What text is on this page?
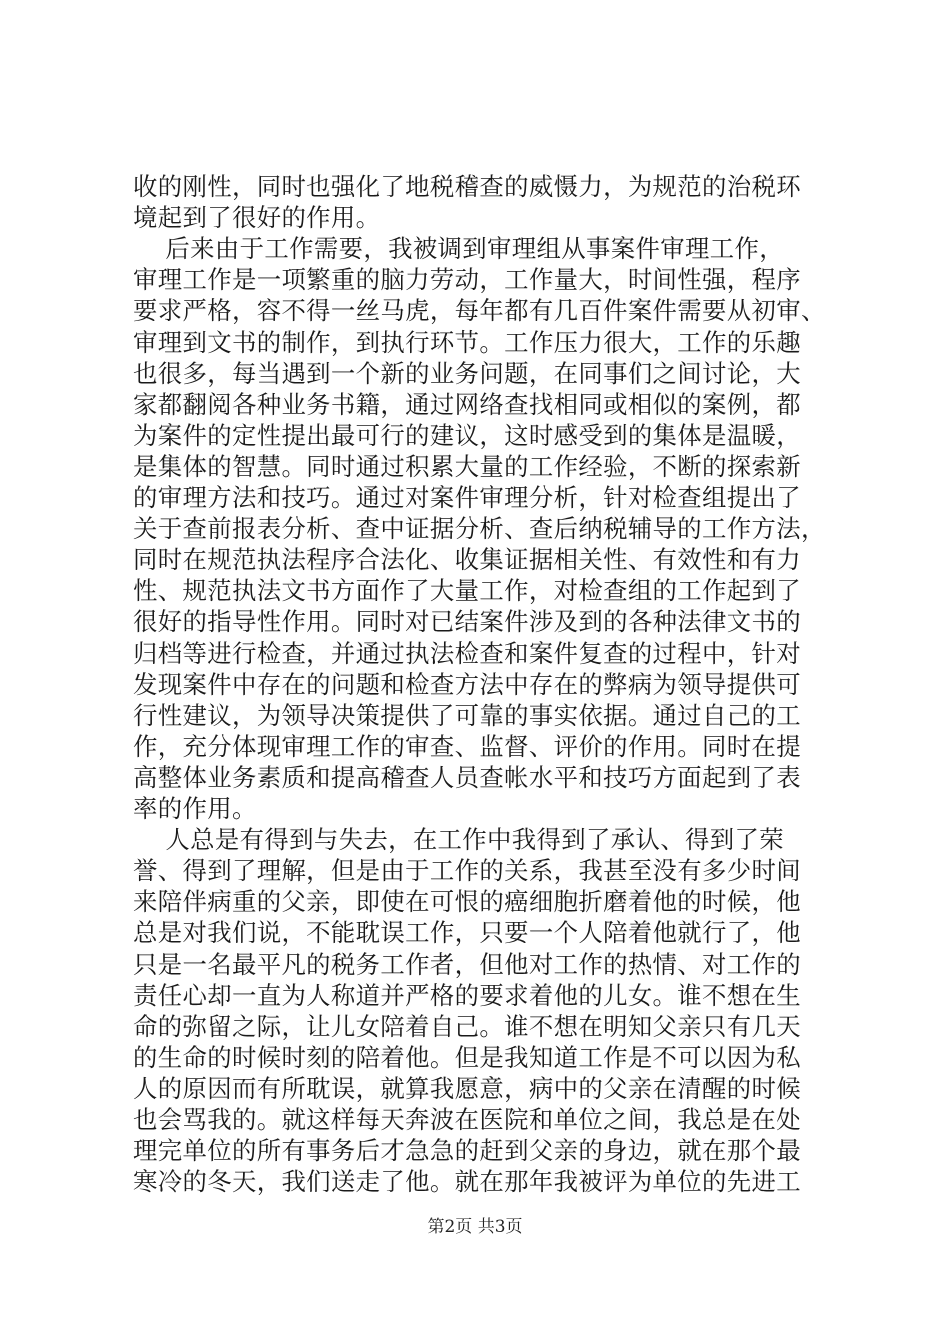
收的刚性，同时也强化了地税稽查的威慑力，为规范的治税环
境起到了很好的作用。
后来由于工作需要，我被调到审理组从事案件审理工作，
审理工作是一项繁重的脑力劳动，工作量大，时间性强，程序
要求严格，容不得一丝马虎，每年都有几百件案件需要从初审、
审理到文书的制作，到执行环节。工作压力很大，工作的乐趣
也很多，每当遇到一个新的业务问题，在同事们之间讨论，大
家都翻阅各种业务书籍，通过网络查找相同或相似的案例，都
为案件的定性提出最可行的建议，这时感受到的集体是温暖，
是集体的智慧。同时通过积累大量的工作经验，不断的探索新
的审理方法和技巧。通过对案件审理分析，针对检查组提出了
关于查前报表分析、查中证据分析、查后纳税辅导的工作方法，
同时在规范执法程序合法化、收集证据相关性、有效性和有力
性、规范执法文书方面作了大量工作，对检查组的工作起到了
很好的指导性作用。同时对已结案件涉及到的各种法律文书的
归档等进行检查，并通过执法检查和案件复查的过程中，针对
发现案件中存在的问题和检查方法中存在的弊病为领导提供可
行性建议，为领导决策提供了可靠的事实依据。通过自己的工
作，充分体现审理工作的审查、监督、评价的作用。同时在提
高整体业务素质和提高稽查人员查帐水平和技巧方面起到了表
率的作用。
人总是有得到与失去，在工作中我得到了承认、得到了荣
誉、得到了理解，但是由于工作的关系，我甚至没有多少时间
来陪伴病重的父亲，即使在可恨的癌细胞折磨着他的时候，他
总是对我们说，不能耽误工作，只要一个人陪着他就行了，他
只是一名最平凡的税务工作者，但他对工作的热情、对工作的
责任心却一直为人称道并严格的要求着他的儿女。谁不想在生
命的弥留之际，让儿女陪着自己。谁不想在明知父亲只有几天
的生命的时候时刻的陪着他。但是我知道工作是不可以因为私
人的原因而有所耽误，就算我愿意，病中的父亲在清醒的时候
也会骂我的。就这样每天奔波在医院和单位之间，我总是在处
理完单位的所有事务后才急急的赶到父亲的身边，就在那个最
寒冷的冬天，我们送走了他。就在那年我被评为单位的先进工
第2页 共3页
